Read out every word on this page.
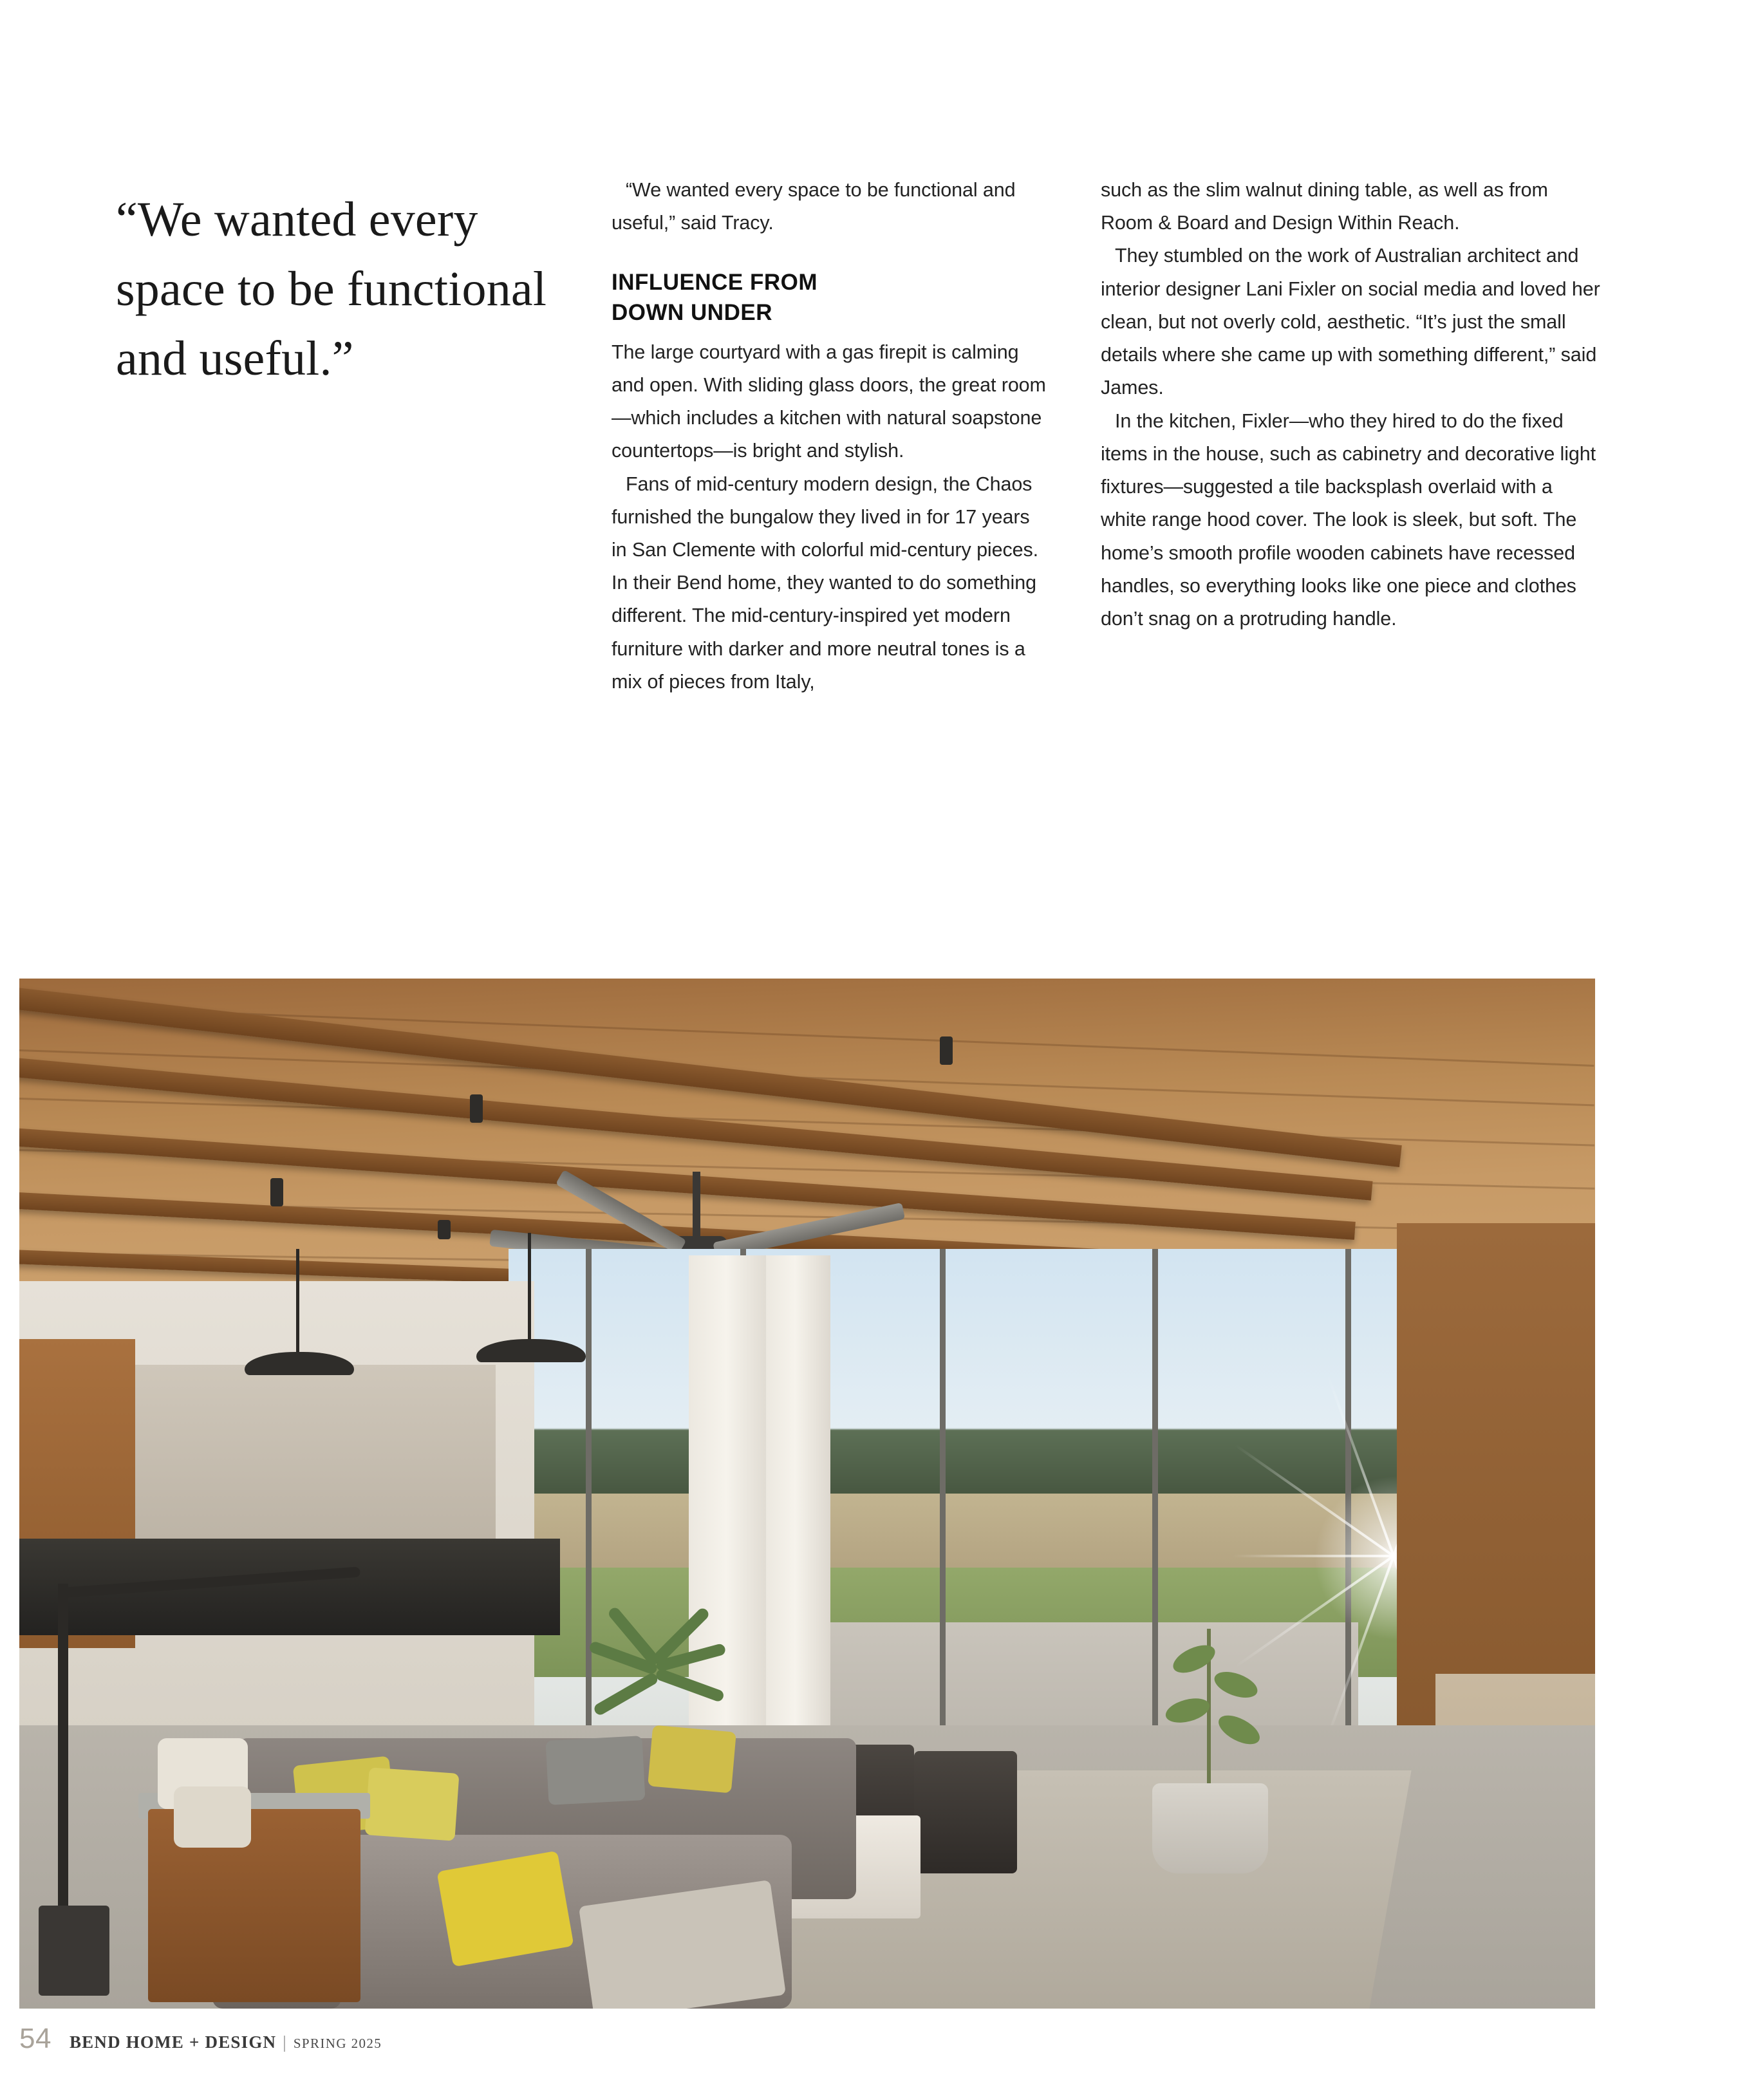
“We wanted every space to be functional and useful.”

“We wanted every space to be functional and useful,” said Tracy.

INFLUENCE FROM
DOWN UNDER

The large courtyard with a gas firepit is calming and open. With sliding glass doors, the great room—which includes a kitchen with natural soapstone countertops—is bright and stylish.

Fans of mid-century modern design, the Chaos furnished the bungalow they lived in for 17 years in San Clemente with colorful mid-century pieces. In their Bend home, they wanted to do something different. The mid-century-inspired yet modern furniture with darker and more neutral tones is a mix of pieces from Italy,

such as the slim walnut dining table, as well as from Room & Board and Design Within Reach.

They stumbled on the work of Australian architect and interior designer Lani Fixler on social media and loved her clean, but not overly cold, aesthetic. “It’s just the small details where she came up with something different,” said James.

In the kitchen, Fixler—who they hired to do the fixed items in the house, such as cabinetry and decorative light fixtures—suggested a tile backsplash overlaid with a white range hood cover. The look is sleek, but soft. The home’s smooth profile wooden cabinets have recessed handles, so everything looks like one piece and clothes don’t snag on a protruding handle.

54 BEND HOME + DESIGN | SPRING 2025
